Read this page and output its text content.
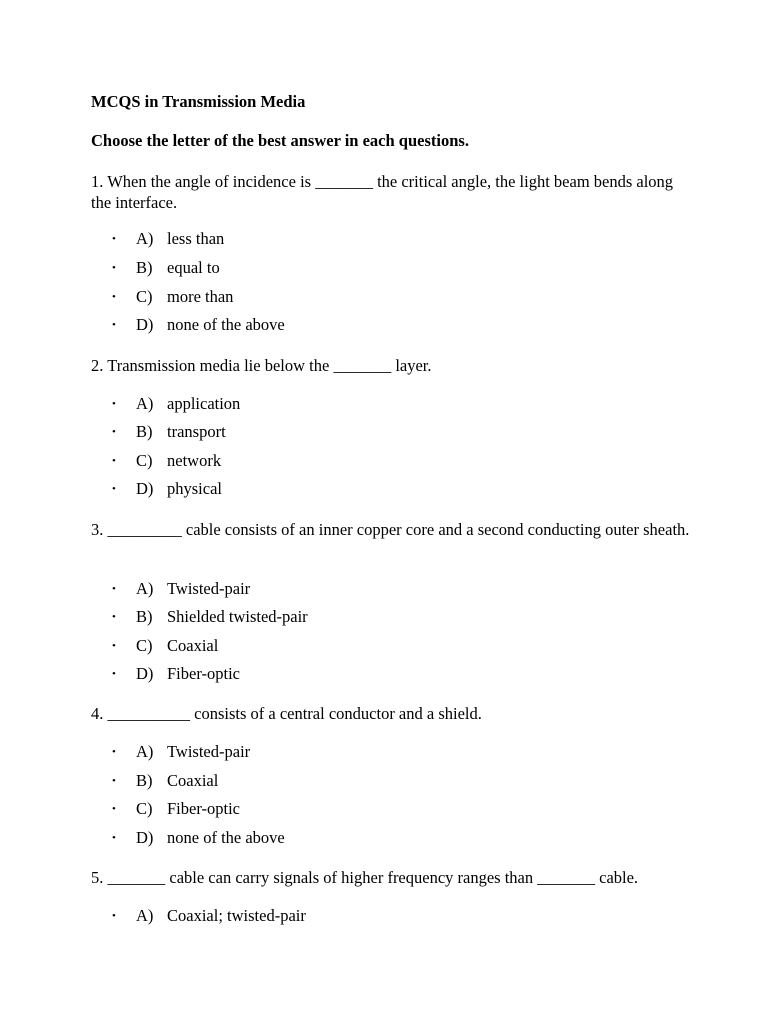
MCQS in Transmission Media
Choose the letter of the best answer in each questions.

1. When the angle of incidence is _______ the critical angle, the light beam bends along the interface.

• A) less than
• B) equal to
• C) more than
• D) none of the above

2. Transmission media lie below the _______ layer.

• A) application
• B) transport
• C) network
• D) physical

3. _________ cable consists of an inner copper core and a second conducting outer sheath.

• A) Twisted-pair
• B) Shielded twisted-pair
• C) Coaxial
• D) Fiber-optic

4. __________ consists of a central conductor and a shield.

• A) Twisted-pair
• B) Coaxial
• C) Fiber-optic
• D) none of the above

5. _______ cable can carry signals of higher frequency ranges than _______ cable.

• A) Coaxial; twisted-pair
